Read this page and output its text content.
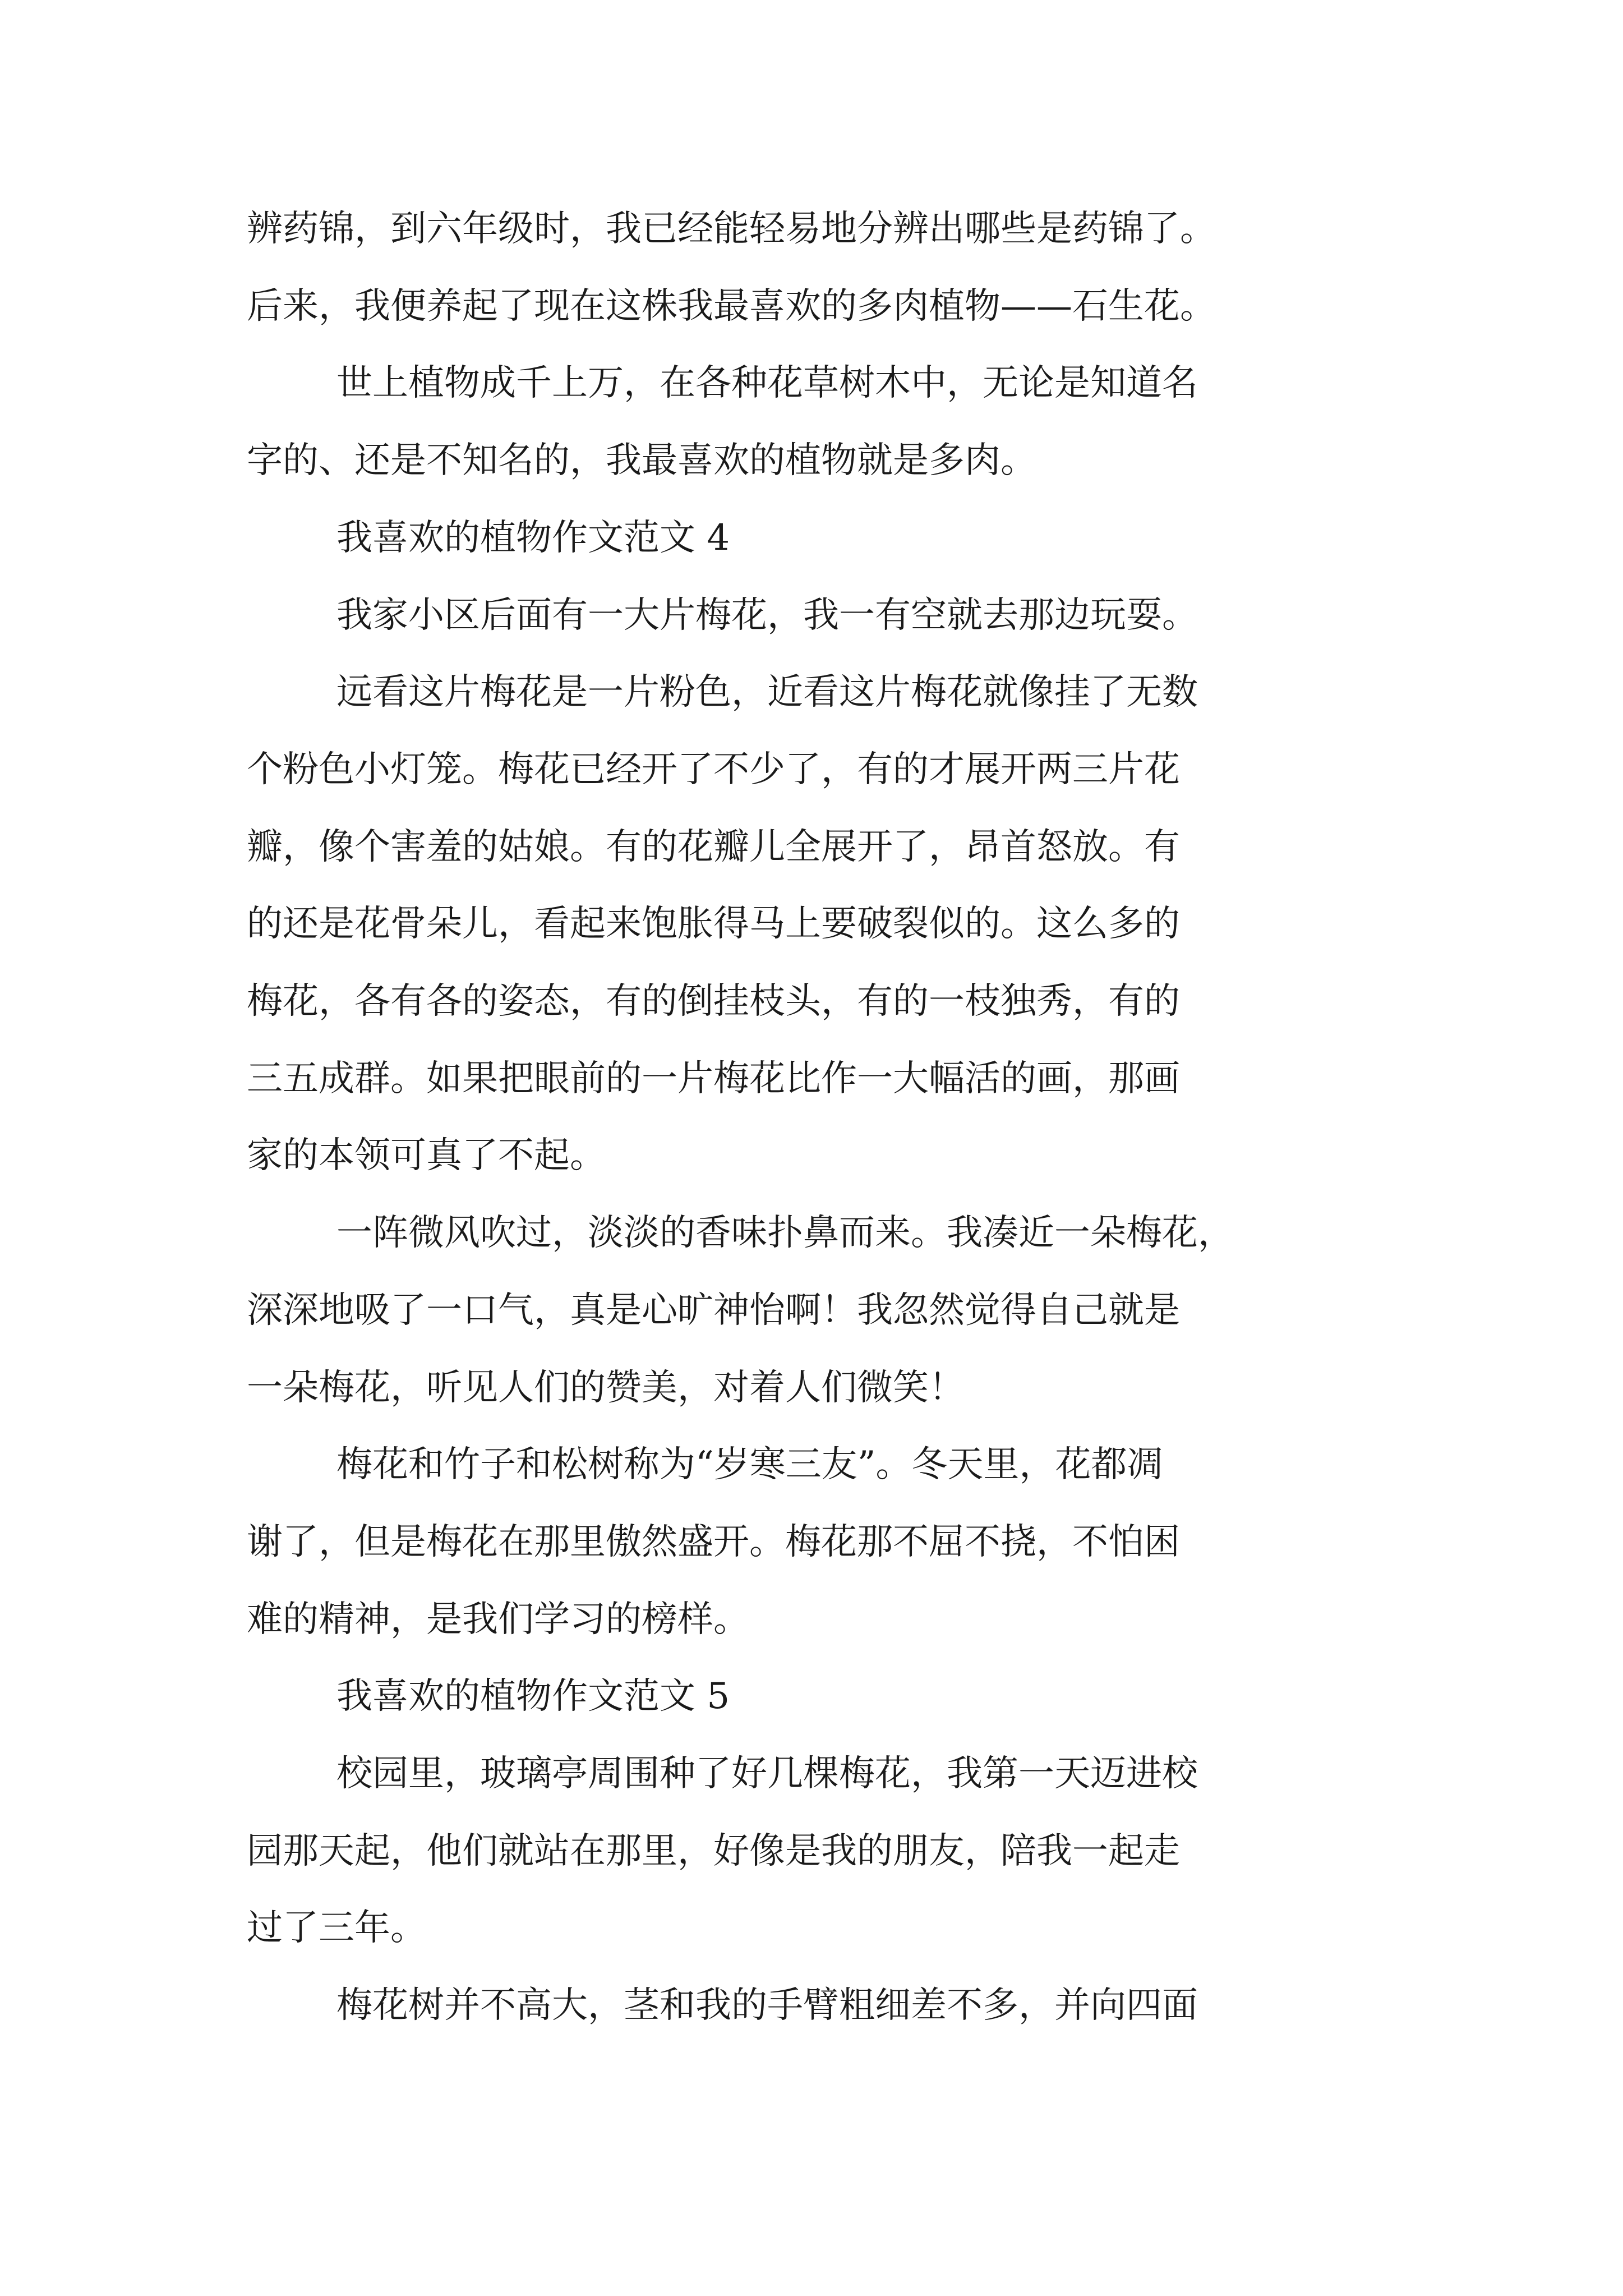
辨药锦，到六年级时，我已经能轻易地分辨出哪些是药锦了。
后来，我便养起了现在这株我最喜欢的多肉植物——石生花。
世上植物成千上万，在各种花草树木中，无论是知道名
字的、还是不知名的，我最喜欢的植物就是多肉。
我喜欢的植物作文范文 4
我家小区后面有一大片梅花，我一有空就去那边玩耍。
远看这片梅花是一片粉色，近看这片梅花就像挂了无数
个粉色小灯笼。梅花已经开了不少了，有的才展开两三片花
瓣，像个害羞的姑娘。有的花瓣儿全展开了，昂首怒放。有
的还是花骨朵儿，看起来饱胀得马上要破裂似的。这么多的
梅花，各有各的姿态，有的倒挂枝头，有的一枝独秀，有的
三五成群。如果把眼前的一片梅花比作一大幅活的画，那画
家的本领可真了不起。
一阵微风吹过，淡淡的香味扑鼻而来。我凑近一朵梅花，
深深地吸了一口气，真是心旷神怡啊！我忽然觉得自己就是
一朵梅花，听见人们的赞美，对着人们微笑！
梅花和竹子和松树称为“岁寒三友”。冬天里，花都凋
谢了，但是梅花在那里傲然盛开。梅花那不屈不挠，不怕困
难的精神，是我们学习的榜样。
我喜欢的植物作文范文 5
校园里，玻璃亭周围种了好几棵梅花，我第一天迈进校
园那天起，他们就站在那里，好像是我的朋友，陪我一起走
过了三年。
梅花树并不高大，茎和我的手臂粗细差不多，并向四面
